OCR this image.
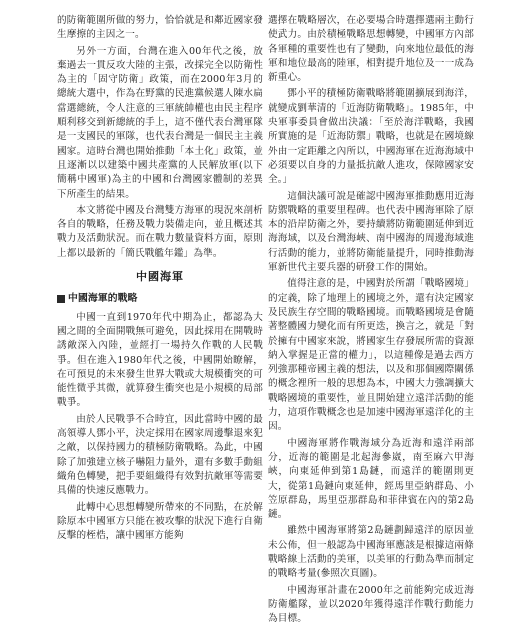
的防衛範圍所做的努力，恰恰就是和鄰近國家發生摩擦的主因之一。

另外一方面，台灣在進入00年代之後，放棄過去一貫反攻大陸的主張，改採完全以防衛性為主的「固守防衛」政策，而在2000年3月的總統大選中，作為在野黨的民進黨候選人陳水扁當選總統，令人注意的三軍統帥權也由民主程序順利移交到新總統的手上，這不僅代表台灣軍隊是一支國民的軍隊，也代表台灣是一個民主主義國家。這時台灣也開始推動「本土化」政策，並且逐漸以以建築中國共產黨的人民解放軍(以下簡稱中國軍)為主的中國和台灣國家體制的差異下所產生的結果。

本文將從中國及台灣雙方海軍的現況來剖析各自的戰略，任務及戰力裝備走向，並且概述其戰力及活動狀況。而在戰力數量資料方面，原則上都以最新的「簡氏戰艦年鑑」為準。

中國海軍
中國海軍的戰略

中國一直到1970年代中期為止，都認為大國之間的全面開戰無可避免，因此採用在開戰時誘敵深入內陸，並經打一場持久作戰的人民戰爭。但在進入1980年代之後，中國開始瞭解，在可預見的未來發生世界大戰或大規模衝突的可能性微乎其微，就算發生衝突也是小規模的局部戰爭。

由於人民戰爭不合時宜，因此當時中國的最高領導人鄧小平，決定採用在國家周邊擊退來犯之敵，以保持國力的積極防衛戰略。為此，中國除了加強建立核子嚇阻力量外，還有多數手動組織角色轉變，把手要組織得有效對抗敵軍等需要具備的快速反應戰力。

此轉中心思想轉變所帶來的不同點，在於解除原本中國軍方只能在被攻擊的狀況下進行自衛反擊的桎梏，讓中國軍方能夠

選擇在戰略層次，在必要場合時選擇選兩主動行使武力。由於積極戰略思想轉變，中國軍方內部各軍種的重要性也有了變動，向來地位最低的海軍和地位最高的陸軍，相對提升地位及一一成為新重心。

鄧小平的積極防衛戰略將範圍擴展到海洋，就變成劉華清的「近海防衛戰略」。1985年，中央軍事委員會做出決議：「至於海洋戰略，我國所實施的是「近海防禦」戰略，也就是在國境線外由一定距離之內所以，中國海軍在近海海域中必須要以自身的力量抵抗敵人進攻，保障國家安全。」

這個決議可說是確認中國海軍推動應用近海防禦戰略的重要里程碑。也代表中國海軍除了原本的沿岸防衛之外，要持續將防衛範圍延伸到近海海域，以及台灣海峽、南中國海的周邊海域進行活動的能力，並將防衛能量提升，同時推動海軍新世代主要兵器的研發工作的開始。

值得注意的是，中國對於所謂「戰略國境」的定義，除了地理上的國境之外，還有決定國家及民族生存空間的戰略國境。而戰略國境是會隨著整體國力變化而有所更迭，換言之，就是「對於擁有中國家來說，將國家生存發展所需的資源納入掌握是正當的權力」，以這種像是過去西方列強那種帝國主義的想法，以及和那個國際關係的概念裡所一般的思想為本，中國大力強調擴大戰略國境的重要性，並且開始建立遠洋活動的能力，這項作戰概念也是加速中國海軍遠洋化的主因。

中國海軍將作戰海域分為近海和遠洋兩部分，近海的範圍是北起海參崴，南至麻六甲海峽，向東延伸到第1島鏈，而遠洋的範圍則更大，從第1島鏈向東延伸，經馬里亞納群島、小笠原群島，馬里亞那群島和菲律賓在內的第2島鏈。

雖然中國海軍將第2島鏈劃歸遠洋的原因並未公佈，但一般認為中國海軍應該是根據這兩條戰略線上活動的美軍，以美軍的行動為準而制定的戰略考量(參照次頁圖)。

中國海軍計畫在2000年之前能夠完成近海防衛艦隊，並以2020年獲得遠洋作戰行動能力為目標。
